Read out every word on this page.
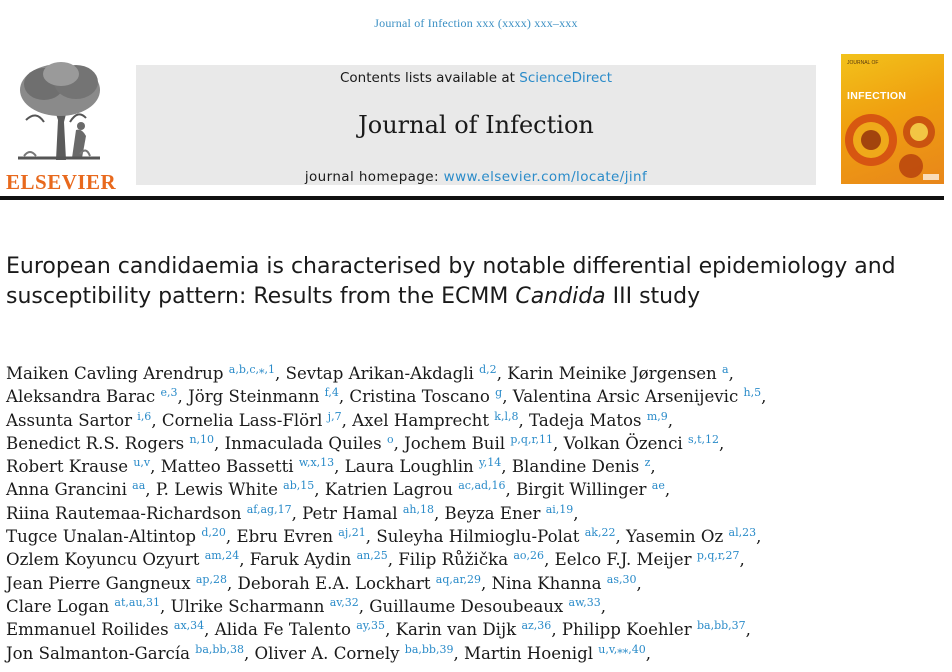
Journal of Infection xxx (xxxx) xxx–xxx
ELSEVIER
Contents lists available at ScienceDirect
Journal of Infection
journal homepage: www.elsevier.com/locate/jinf
JOURNAL OF
INFECTION
European candidaemia is characterised by notable differential epidemiology and susceptibility pattern: Results from the ECMM Candida III study
Maiken Cavling Arendrup $^{a,b,c,⁎,1}$, Sevtap Arikan-Akdagli $^{d,2}$, Karin Meinike Jørgensen $^a$,
Aleksandra Barac $^{e,3}$, Jörg Steinmann $^{f,4}$, Cristina Toscano $^g$, Valentina Arsic Arsenijevic $^{h,5}$,
Assunta Sartor $^{i,6}$, Cornelia Lass-Flörl $^{j,7}$, Axel Hamprecht $^{k,l,8}$, Tadeja Matos $^{m,9}$,
Benedict R.S. Rogers $^{n,10}$, Inmaculada Quiles $^o$, Jochem Buil $^{p,q,r,11}$, Volkan Özenci $^{s,t,12}$,
Robert Krause $^{u,v}$, Matteo Bassetti $^{w,x,13}$, Laura Loughlin $^{y,14}$, Blandine Denis $^z$,
Anna Grancini $^{aa}$, P. Lewis White $^{ab,15}$, Katrien Lagrou $^{ac,ad,16}$, Birgit Willinger $^{ae}$,
Riina Rautemaa-Richardson $^{af,ag,17}$, Petr Hamal $^{ah,18}$, Beyza Ener $^{ai,19}$,
Tugce Unalan-Altintop $^{d,20}$, Ebru Evren $^{aj,21}$, Suleyha Hilmioglu-Polat $^{ak,22}$, Yasemin Oz $^{al,23}$,
Ozlem Koyuncu Ozyurt $^{am,24}$, Faruk Aydin $^{an,25}$, Filip Růžička $^{ao,26}$, Eelco F.J. Meijer $^{p,q,r,27}$,
Jean Pierre Gangneux $^{ap,28}$, Deborah E.A. Lockhart $^{aq,ar,29}$, Nina Khanna $^{as,30}$,
Clare Logan $^{at,au,31}$, Ulrike Scharmann $^{av,32}$, Guillaume Desoubeaux $^{aw,33}$,
Emmanuel Roilides $^{ax,34}$, Alida Fe Talento $^{ay,35}$, Karin van Dijk $^{az,36}$, Philipp Koehler $^{ba,bb,37}$,
Jon Salmanton-García $^{ba,bb,38}$, Oliver A. Cornely $^{ba,bb,39}$, Martin Hoenigl $^{u,v,⁎⁎,40}$,
